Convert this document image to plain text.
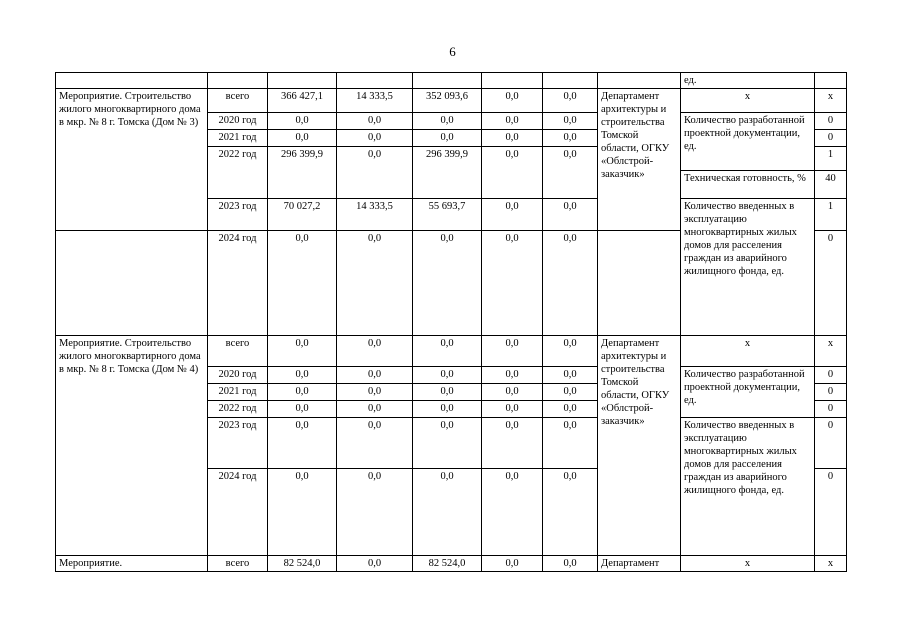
6
								ед.	
Мероприятие. Строительство жилого многоквартирного дома в мкр. № 8 г. Томска (Дом № 3)	всего	366 427,1	14 333,5	352 093,6	0,0	0,0	Департамент архитектуры и строительства Томской области, ОГКУ «Облстрой-заказчик»	х	х
	2020 год	0,0	0,0	0,0	0,0	0,0		Количество разработанной проектной документации, ед.	0
	2021 год	0,0	0,0	0,0	0,0	0,0			0
	2022 год	296 399,9	0,0	296 399,9	0,0	0,0			1
								Техническая готовность, %	40
	2023 год	70 027,2	14 333,5	55 693,7	0,0	0,0		Количество введенных в эксплуатацию многоквартирных жилых домов для расселения граждан из аварийного жилищного фонда, ед.	1
	2024 год	0,0	0,0	0,0	0,0	0,0			0
Мероприятие. Строительство жилого многоквартирного дома в мкр. № 8 г. Томска (Дом № 4)	всего	0,0	0,0	0,0	0,0	0,0	Департамент архитектуры и строительства Томской области, ОГКУ «Облстрой-заказчик»	х	х
	2020 год	0,0	0,0	0,0	0,0	0,0		Количество разработанной проектной документации, ед.	0
	2021 год	0,0	0,0	0,0	0,0	0,0			0
	2022 год	0,0	0,0	0,0	0,0	0,0			0
	2023 год	0,0	0,0	0,0	0,0	0,0		Количество введенных в эксплуатацию многоквартирных жилых домов для расселения граждан из аварийного жилищного фонда, ед.	0
	2024 год	0,0	0,0	0,0	0,0	0,0			0
Мероприятие.	всего	82 524,0	0,0	82 524,0	0,0	0,0	Департамент	х	х
